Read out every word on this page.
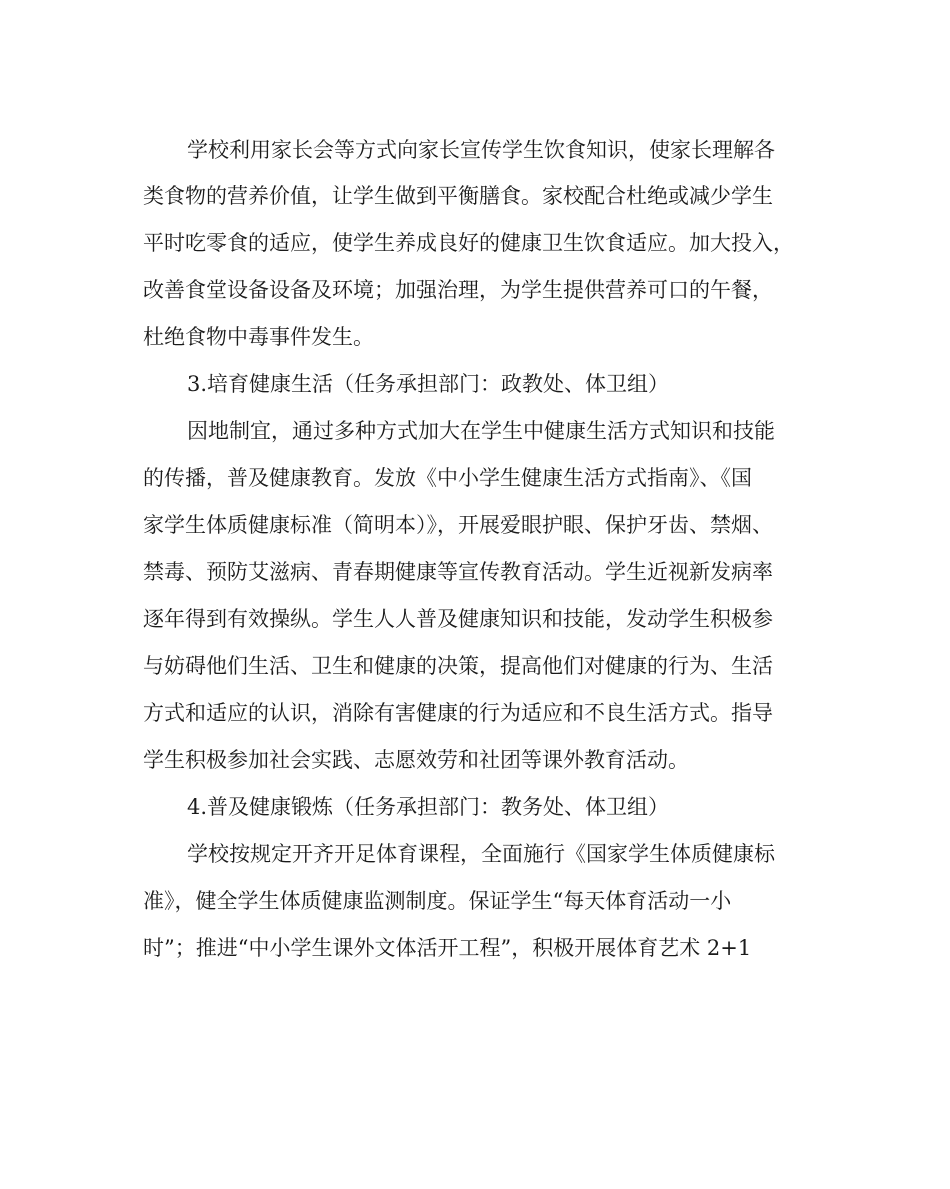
学校利用家长会等方式向家长宣传学生饮食知识，使家长理解各
类食物的营养价值，让学生做到平衡膳食。家校配合杜绝或减少学生
平时吃零食的适应，使学生养成良好的健康卫生饮食适应。加大投入，
改善食堂设备设备及环境；加强治理，为学生提供营养可口的午餐，
杜绝食物中毒事件发生。
3.培育健康生活（任务承担部门：政教处、体卫组）
因地制宜，通过多种方式加大在学生中健康生活方式知识和技能
的传播，普及健康教育。发放《中小学生健康生活方式指南》、《国
家学生体质健康标准（简明本）》，开展爱眼护眼、保护牙齿、禁烟、
禁毒、预防艾滋病、青春期健康等宣传教育活动。学生近视新发病率
逐年得到有效操纵。学生人人普及健康知识和技能，发动学生积极参
与妨碍他们生活、卫生和健康的决策，提高他们对健康的行为、生活
方式和适应的认识，消除有害健康的行为适应和不良生活方式。指导
学生积极参加社会实践、志愿效劳和社团等课外教育活动。
4.普及健康锻炼（任务承担部门：教务处、体卫组）
学校按规定开齐开足体育课程，全面施行《国家学生体质健康标
准》，健全学生体质健康监测制度。保证学生“每天体育活动一小
时”；推进“中小学生课外文体活开工程”，积极开展体育艺术 2+1
